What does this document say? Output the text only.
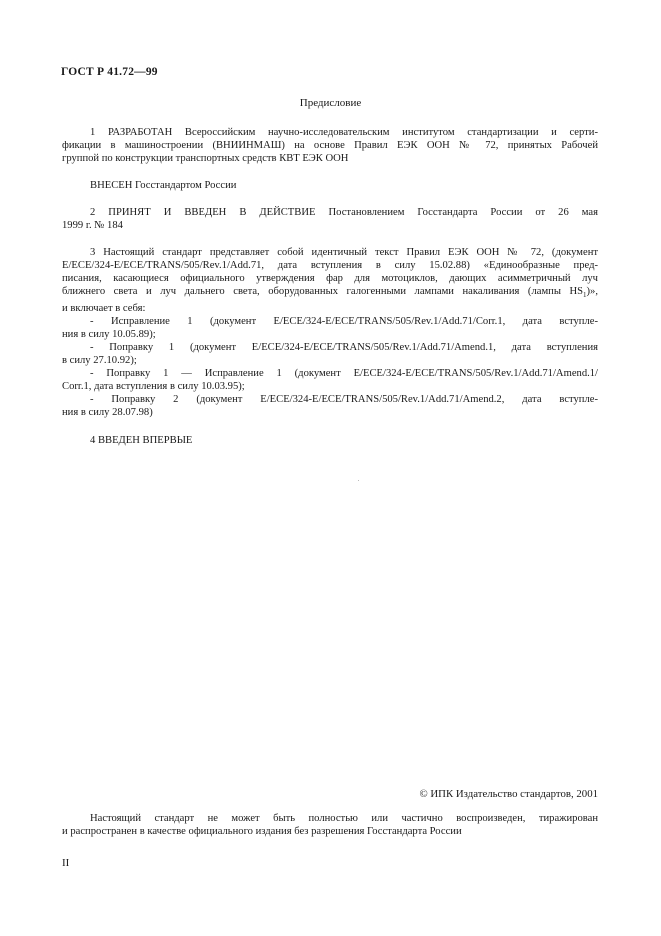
ГОСТ Р 41.72—99
Предисловие
1 РАЗРАБОТАН Всероссийским научно-исследовательским институтом стандартизации и серти-
фикации в машиностроении (ВНИИНМАШ) на основе Правил ЕЭК ООН № 72, принятых Рабочей
группой по конструкции транспортных средств КВТ ЕЭК ООН
ВНЕСЕН Госстандартом России
2 ПРИНЯТ И ВВЕДЕН В ДЕЙСТВИЕ Постановлением Госстандарта России от 26 мая
1999 г. № 184
3 Настоящий стандарт представляет собой идентичный текст Правил ЕЭК ООН № 72, (документ
E/ECE/324-E/ECE/TRANS/505/Rev.1/Add.71, дата вступления в силу 15.02.88) «Единообразные пред-
писания, касающиеся официального утверждения фар для мотоциклов, дающих асимметричный луч
ближнего света и луч дальнего света, оборудованных галогенными лампами накаливания (лампы $HS_1$)»,
и включает в себя:
- Исправление 1 (документ E/ECE/324-E/ECE/TRANS/505/Rev.1/Add.71/Corr.1, дата вступле-
ния в силу 10.05.89);
- Поправку 1 (документ E/ECE/324-E/ECE/TRANS/505/Rev.1/Add.71/Amend.1, дата вступления
в силу 27.10.92);
- Поправку 1 — Исправление 1 (документ E/ECE/324-E/ECE/TRANS/505/Rev.1/Add.71/Amend.1/
Corr.1, дата вступления в силу 10.03.95);
- Поправку 2 (документ E/ECE/324-E/ECE/TRANS/505/Rev.1/Add.71/Amend.2, дата вступле-
ния в силу 28.07.98)
4 ВВЕДЕН ВПЕРВЫЕ
© ИПК Издательство стандартов, 2001
Настоящий стандарт не может быть полностью или частично воспроизведен, тиражирован
и распространен в качестве официального издания без разрешения Госстандарта России
II
